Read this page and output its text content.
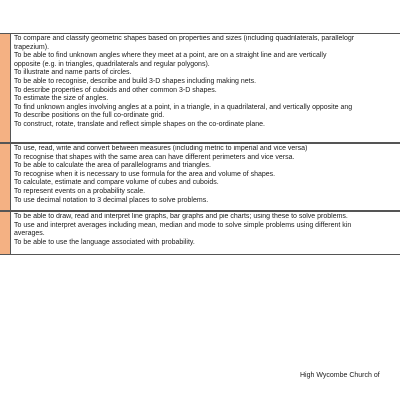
To compare and classify geometric shapes based on properties and sizes (including quadrilaterals, parallelogr
trapezium).
To be able to find unknown angles where they meet at a point, are on a straight line and are vertically
opposite (e.g. in triangles, quadrilaterals and regular polygons).
To illustrate and name parts of circles.
To be able to recognise, describe and build 3-D shapes including making nets.
To describe properties of cuboids and other common 3-D shapes.
To estimate the size of angles.
To find unknown angles involving angles at a point, in a triangle, in a quadrilateral, and vertically opposite ang
To describe positions on the full co-ordinate grid.
To construct, rotate, translate and reflect simple shapes on the co-ordinate plane.
To use, read, write and convert between measures (including metric to imperial and vice versa)
To recognise that shapes with the same area can have different perimeters and vice versa.
To be able to calculate the area of parallelograms and triangles.
To recognise when it is necessary to use formula for the area and volume of shapes.
To calculate, estimate and compare volume of cubes and cuboids.
To represent events on a probability scale.
To use decimal notation to 3 decimal places to solve problems.
To be able to draw, read and interpret line graphs, bar graphs and pie charts; using these to solve problems.
To use and interpret averages including mean, median and mode to solve simple problems using different kin
averages.
To be able to use the language associated with probability.
High Wycombe Church of
